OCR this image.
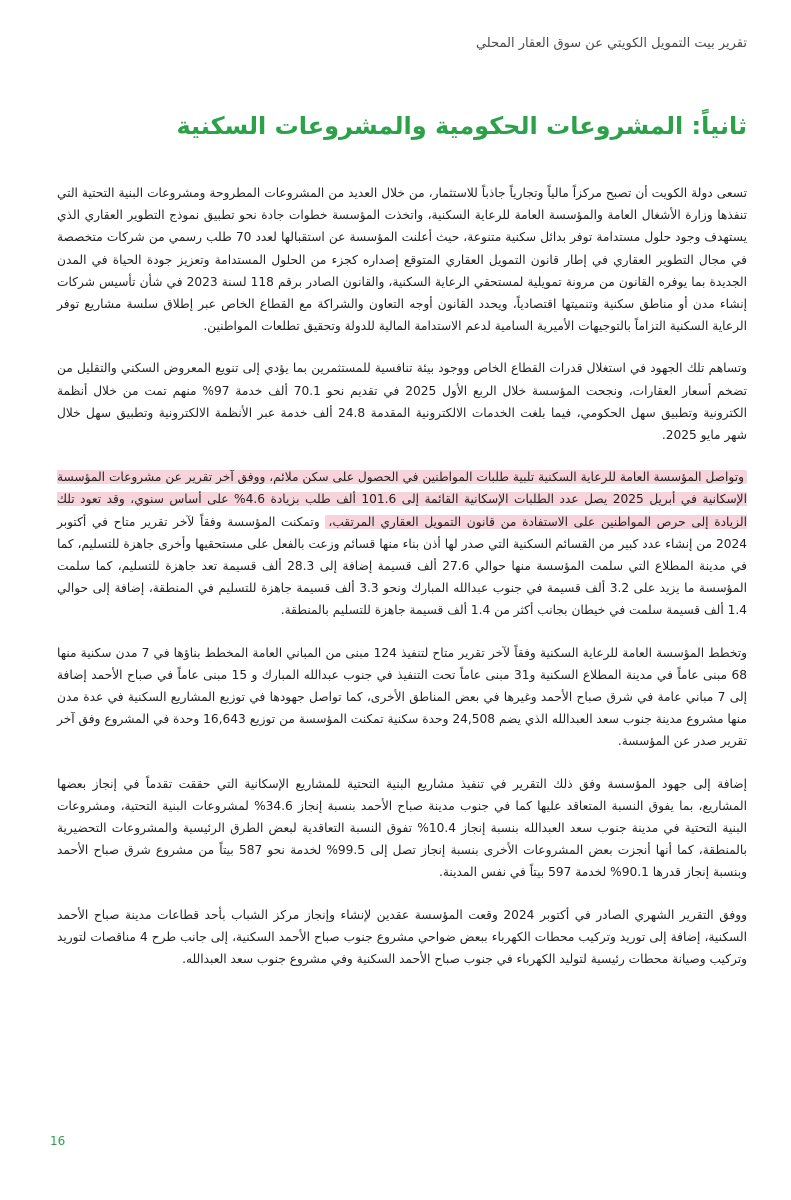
تقرير بيت التمويل الكويتي عن سوق العقار المحلي
ثانياً: المشروعات الحكومية والمشروعات السكنية

تسعى دولة الكويت أن تصبح مركزاً مالياً وتجارياً جاذباً للاستثمار، من خلال العديد من المشروعات المطروحة ومشروعات البنية التحتية التي تنفذها وزارة الأشغال العامة والمؤسسة العامة للرعاية السكنية، واتخذت المؤسسة خطوات جادة نحو تطبيق نموذج التطوير العقاري الذي يستهدف وجود حلول مستدامة توفر بدائل سكنية متنوعة، حيث أعلنت المؤسسة عن استقبالها لعدد 70 طلب رسمي من شركات متخصصة في مجال التطوير العقاري في إطار قانون التمويل العقاري المتوقع إصداره كجزء من الحلول المستدامة وتعزيز جودة الحياة في المدن الجديدة بما يوفره القانون من مرونة تمويلية لمستحقي الرعاية السكنية، والقانون الصادر برقم 118 لسنة 2023 في شأن تأسيس شركات إنشاء مدن أو مناطق سكنية وتنميتها اقتصادياً، ويحدد القانون أوجه التعاون والشراكة مع القطاع الخاص عبر إطلاق سلسة مشاريع توفر الرعاية السكنية التزاماً بالتوجيهات الأميرية السامية لدعم الاستدامة المالية للدولة وتحقيق تطلعات المواطنين.

وتساهم تلك الجهود في استغلال قدرات القطاع الخاص ووجود بيئة تنافسية للمستثمرين بما يؤدي إلى تنويع المعروض السكني والتقليل من تضخم أسعار العقارات، ونجحت المؤسسة خلال الربع الأول 2025 في تقديم نحو 70.1 ألف خدمة 97% منهم تمت من خلال أنظمة الكترونية وتطبيق سهل الحكومي، فيما بلغت الخدمات الالكترونية المقدمة 24.8 ألف خدمة عبر الأنظمة الالكترونية وتطبيق سهل خلال شهر مايو 2025.

وتواصل المؤسسة العامة للرعاية السكنية تلبية طلبات المواطنين في الحصول على سكن ملائم، ووفق آخر تقرير عن مشروعات المؤسسة الإسكانية في أبريل 2025 يصل عدد الطلبات الإسكانية القائمة إلى 101.6 ألف طلب بزيادة 4.6% على أساس سنوي، وقد تعود تلك الزيادة إلى حرص المواطنين على الاستفادة من قانون التمويل العقاري المرتقب، وتمكنت المؤسسة وفقاً لآخر تقرير متاح في أكتوبر 2024 من إنشاء عدد كبير من القسائم السكنية التي صدر لها أذن بناء منها قسائم وزعت بالفعل على مستحقيها وأخرى جاهزة للتسليم، كما في مدينة المطلاع التي سلمت المؤسسة منها حوالي 27.6 ألف قسيمة إضافة إلى 28.3 ألف قسيمة تعد جاهزة للتسليم، كما سلمت المؤسسة ما يزيد على 3.2 ألف قسيمة في جنوب عبدالله المبارك ونحو 3.3 ألف قسيمة جاهزة للتسليم في المنطقة، إضافة إلى حوالي 1.4 ألف قسيمة سلمت في خيطان بجانب أكثر من 1.4 ألف قسيمة جاهزة للتسليم بالمنطقة.

وتخطط المؤسسة العامة للرعاية السكنية وفقاً لآخر تقرير متاح لتنفيذ 124 مبنى من المباني العامة المخطط بناؤها في 7 مدن سكنية منها 68 مبنى عاماً في مدينة المطلاع السكنية و31 مبنى عاماً تحت التنفيذ في جنوب عبدالله المبارك و 15 مبنى عاماً في صباح الأحمد إضافة إلى 7 مباني عامة في شرق صباح الأحمد وغيرها في بعض المناطق الأخرى، كما تواصل جهودها في توزيع المشاريع السكنية في عدة مدن منها مشروع مدينة جنوب سعد العبدالله الذي يضم 24,508 وحدة سكنية تمكنت المؤسسة من توزيع 16,643 وحدة في المشروع وفق آخر تقرير صدر عن المؤسسة.

إضافة إلى جهود المؤسسة وفق ذلك التقرير في تنفيذ مشاريع البنية التحتية للمشاريع الإسكانية التي حققت تقدماً في إنجاز بعضها المشاريع، بما يفوق النسبة المتعاقد عليها كما في جنوب مدينة صباح الأحمد بنسبة إنجاز 34.6% لمشروعات البنية التحتية، ومشروعات البنية التحتية في مدينة جنوب سعد العبدالله بنسبة إنجاز 10.4% تفوق النسبة التعاقدية لبعض الطرق الرئيسية والمشروعات التحضيرية بالمنطقة، كما أنها أنجزت بعض المشروعات الأخرى بنسبة إنجاز تصل إلى 99.5% لخدمة نحو 587 بيتاً من مشروع شرق صباح الأحمد وبنسبة إنجاز قدرها 90.1% لخدمة 597 بيتاً في نفس المدينة.

ووفق التقرير الشهري الصادر في أكتوبر 2024 وقعت المؤسسة عقدين لإنشاء وإنجاز مركز الشباب بأحد قطاعات مدينة صباح الأحمد السكنية، إضافة إلى توريد وتركيب محطات الكهرباء ببعض ضواحي مشروع جنوب صباح الأحمد السكنية، إلى جانب طرح 4 مناقصات لتوريد وتركيب وصيانة محطات رئيسية لتوليد الكهرباء في جنوب صباح الأحمد السكنية وفي مشروع جنوب سعد العبدالله.

16
